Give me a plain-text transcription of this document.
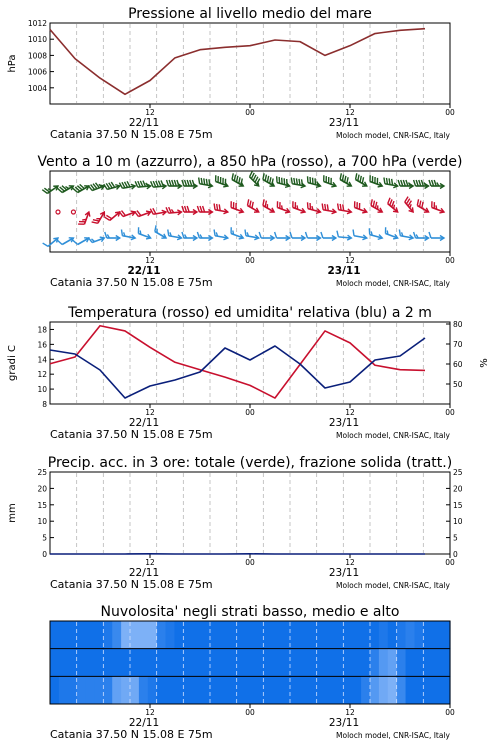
Pressione al livello medio del mare
12	00	12	00
22/11	23/11
Catania 37.50 N 15.08 E 75m	Moloch model, CNR-ISAC, Italy
1004
1006
1008
1010
1012
hPa
Vento a 10 m (azzurro), a 850 hPa (rosso), a 700 hPa (verde)
12	00	12	00
22/11	23/11
Catania 37.50 N 15.08 E 75m	Moloch model, CNR-ISAC, Italy
Temperatura (rosso) ed umidita' relativa (blu) a 2 m
12	00	12	00
22/11	23/11
Catania 37.50 N 15.08 E 75m	Moloch model, CNR-ISAC, Italy
8
10
12
14
16
18
50
60
70
80
gradi C	%
Precip. acc. in 3 ore: totale (verde), frazione solida (tratt.)
12	00	12	00
22/11	23/11
Catania 37.50 N 15.08 E 75m	Moloch model, CNR-ISAC, Italy
0
5
10
15
20
25
0
5
10
15
20
25
mm
Nuvolosita' negli strati basso, medio e alto
12	00	12	00
22/11	23/11
Catania 37.50 N 15.08 E 75m	Moloch model, CNR-ISAC, Italy
